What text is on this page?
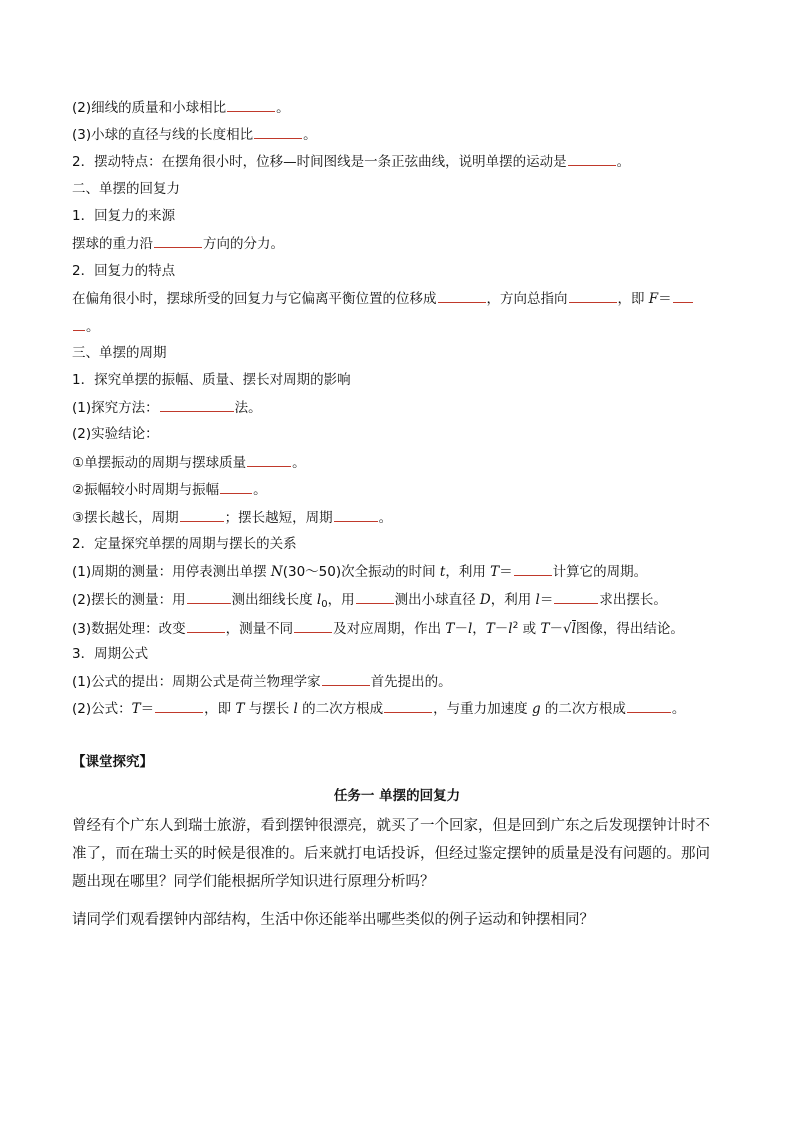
(2)细线的质量和小球相比	。
(3)小球的直径与线的长度相比	。
2．摆动特点：在摆角很小时，位移—时间图线是一条正弦曲线，说明单摆的运动是	。
二、单摆的回复力
1．回复力的来源
摆球的重力沿	方向的分力。
2．回复力的特点
在偏角很小时，摆球所受的回复力与它偏离平衡位置的位移成	，方向总指向	，即 F＝
。
三、单摆的周期
1．探究单摆的振幅、质量、摆长对周期的影响
(1)探究方法：	法。
(2)实验结论：
①单摆振动的周期与摆球质量	。
②振幅较小时周期与振幅	。
③摆长越长，周期	；摆长越短，周期	。
2．定量探究单摆的周期与摆长的关系
(1)周期的测量：用停表测出单摆 N(30～50)次全振动的时间 t，利用 T＝	计算它的周期。
(2)摆长的测量：用	测出细线长度 $l_0$，用	测出小球直径 D，利用 l＝	求出摆长。
(3)数据处理：改变	，测量不同	及对应周期，作出 T－l，$T-l^2$ 或 T－√l图像，得出结论。
3．周期公式
(1)公式的提出：周期公式是荷兰物理学家	首先提出的。
(2)公式：T＝	，即 T 与摆长 l 的二次方根成	，与重力加速度 g 的二次方根成	。
【课堂探究】
任务一 单摆的回复力
曾经有个广东人到瑞士旅游，看到摆钟很漂亮，就买了一个回家，但是回到广东之后发现摆钟计时不准了，而在瑞士买的时候是很准的。后来就打电话投诉，但经过鉴定摆钟的质量是没有问题的。那问题出现在哪里？同学们能根据所学知识进行原理分析吗？
请同学们观看摆钟内部结构，生活中你还能举出哪些类似的例子运动和钟摆相同？
